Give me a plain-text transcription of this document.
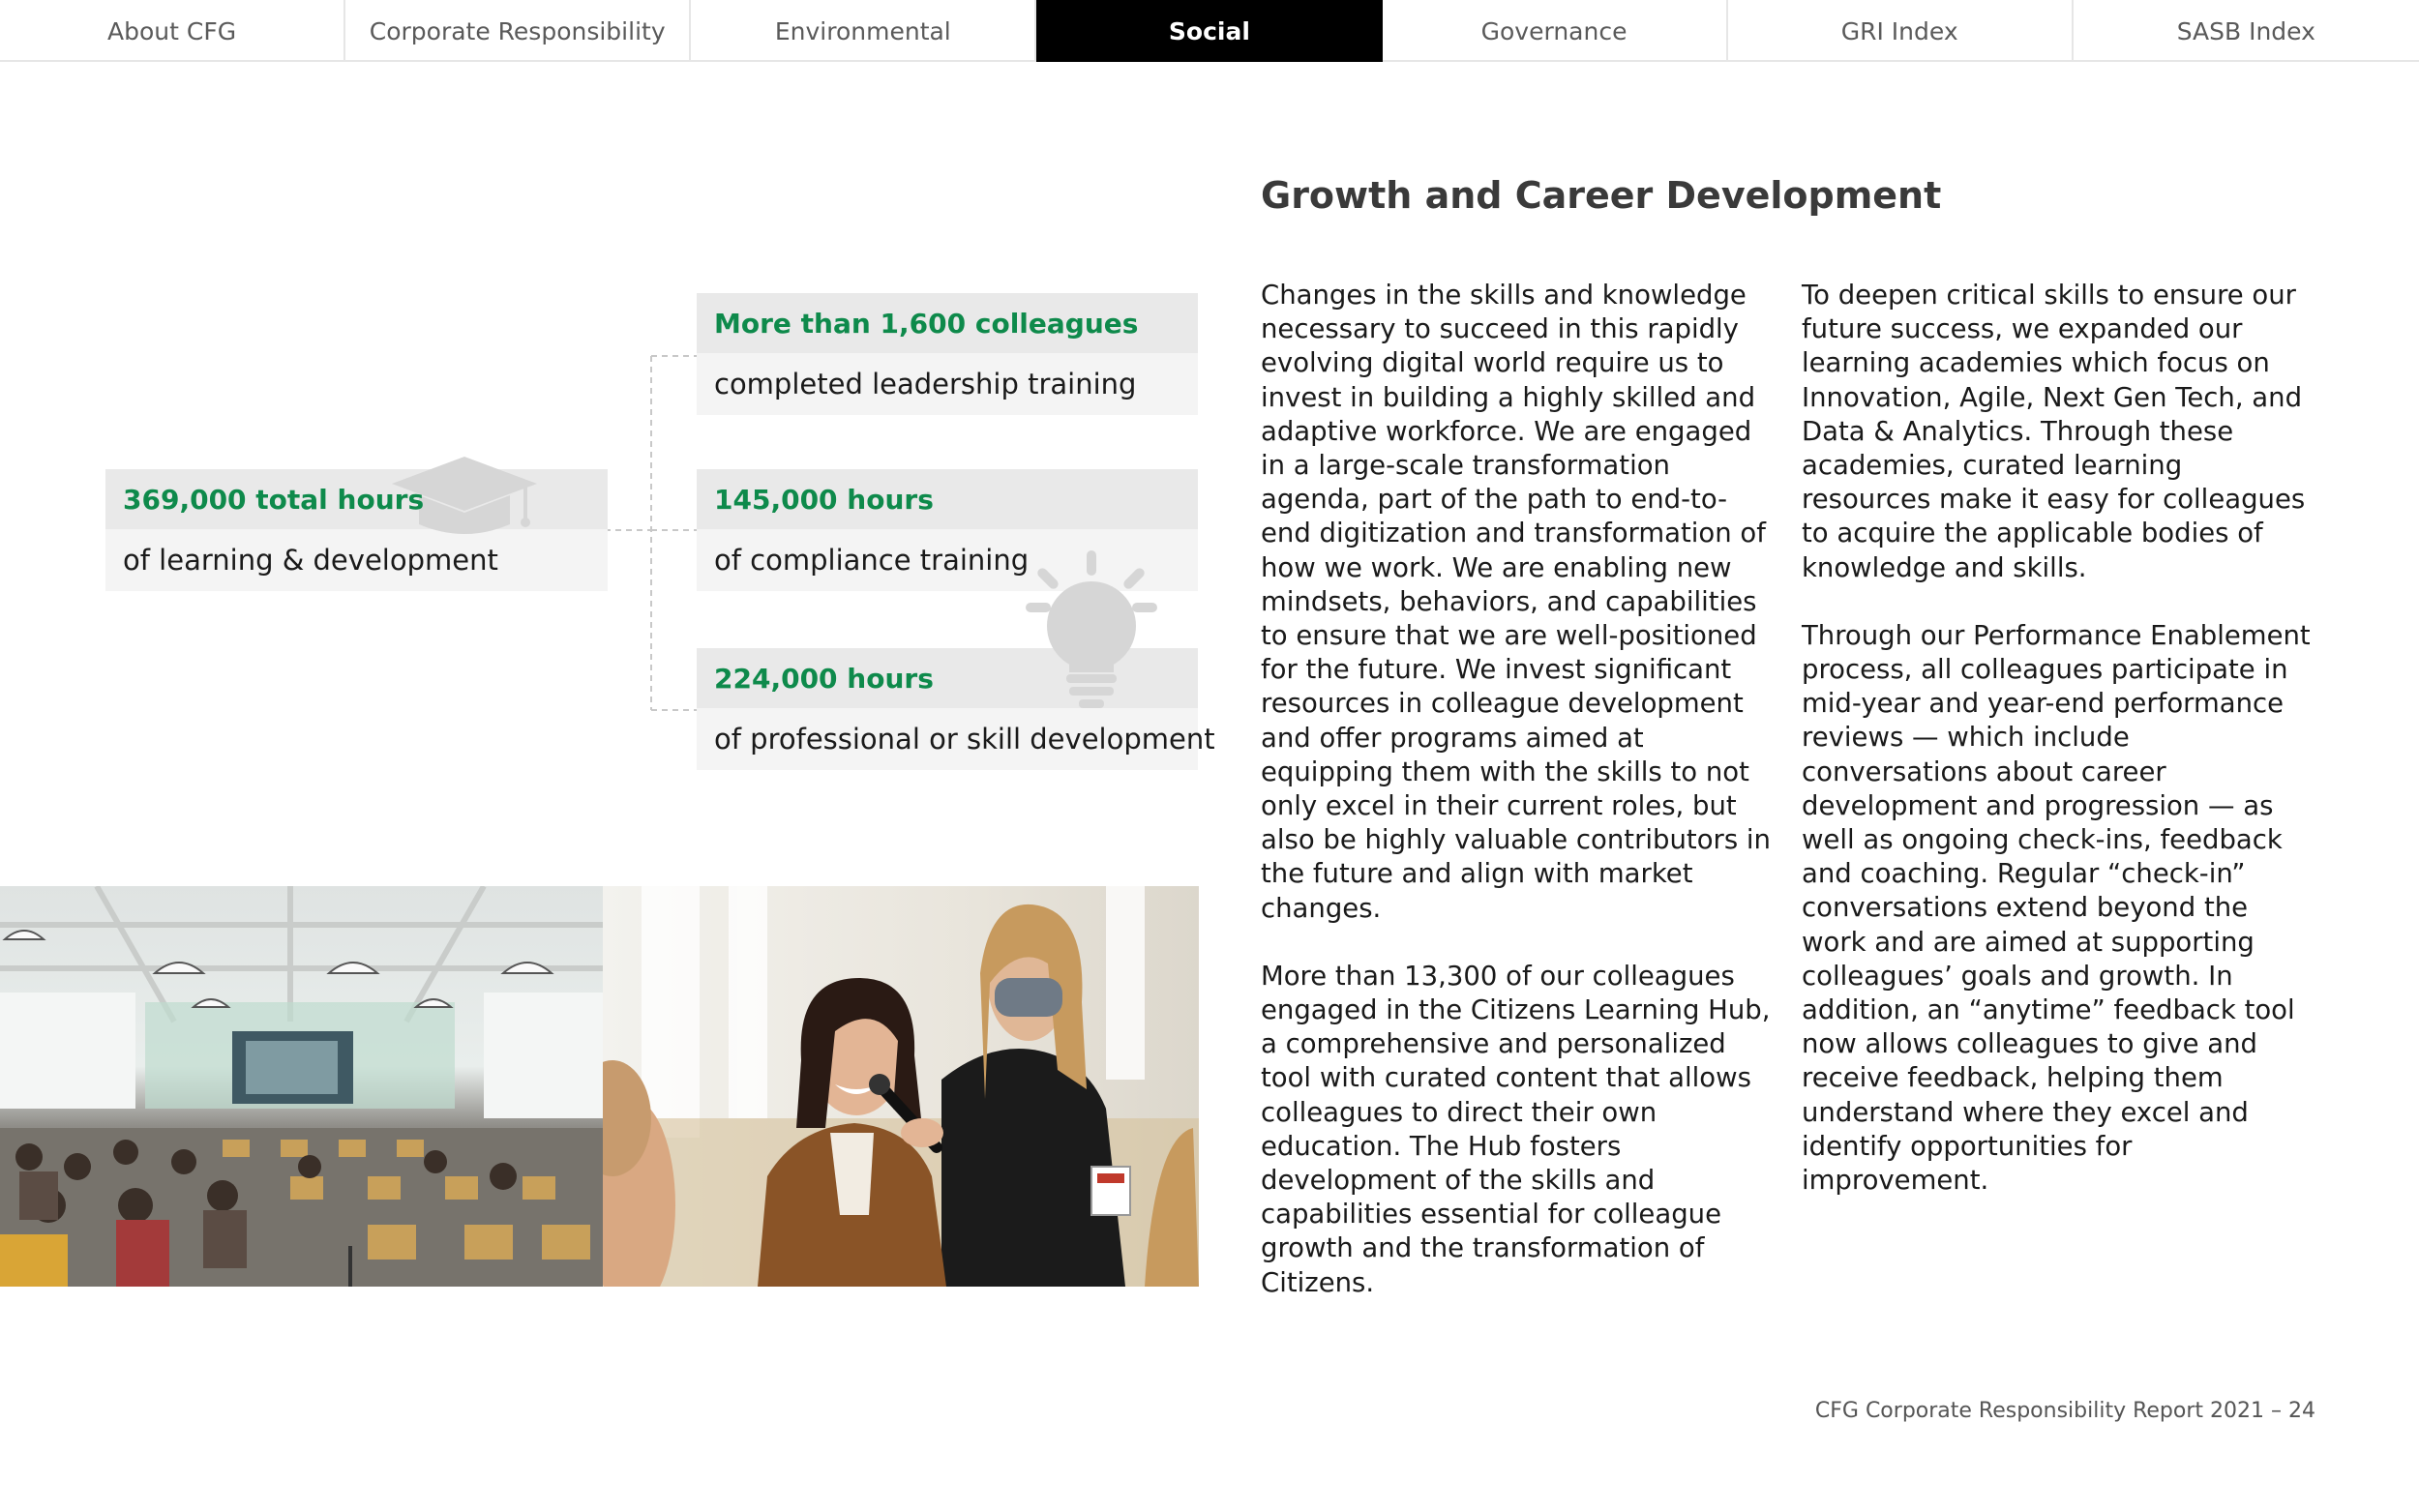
About CFG	Corporate Responsibility	Environmental	Social	Governance	GRI Index	SASB Index
369,000 total hours
of learning & development
More than 1,600 colleagues
completed leadership training
145,000 hours
of compliance training
224,000 hours
of professional or skill development
Growth and Career Development

Changes in the skills and knowledge necessary to succeed in this rapidly evolving digital world require us to invest in building a highly skilled and adaptive workforce. We are engaged in a large-scale transformation agenda, part of the path to end-to-end digitization and transformation of how we work. We are enabling new mindsets, behaviors, and capabilities to ensure that we are well-positioned for the future. We invest significant resources in colleague development and offer programs aimed at equipping them with the skills to not only excel in their current roles, but also be highly valuable contributors in the future and align with market changes.

More than 13,300 of our colleagues engaged in the Citizens Learning Hub, a comprehensive and personalized tool with curated content that allows colleagues to direct their own education. The Hub fosters development of the skills and capabilities essential for colleague growth and the transformation of Citizens.

To deepen critical skills to ensure our future success, we expanded our learning academies which focus on Innovation, Agile, Next Gen Tech, and Data & Analytics. Through these academies, curated learning resources make it easy for colleagues to acquire the applicable bodies of knowledge and skills.

Through our Performance Enablement process, all colleagues participate in mid-year and year-end performance reviews — which include conversations about career development and progression — as well as ongoing check-ins, feedback and coaching. Regular “check-in” conversations extend beyond the work and are aimed at supporting colleagues’ goals and growth. In addition, an “anytime” feedback tool now allows colleagues to give and receive feedback, helping them understand where they excel and identify opportunities for improvement.

CFG Corporate Responsibility Report 2021 – 24
